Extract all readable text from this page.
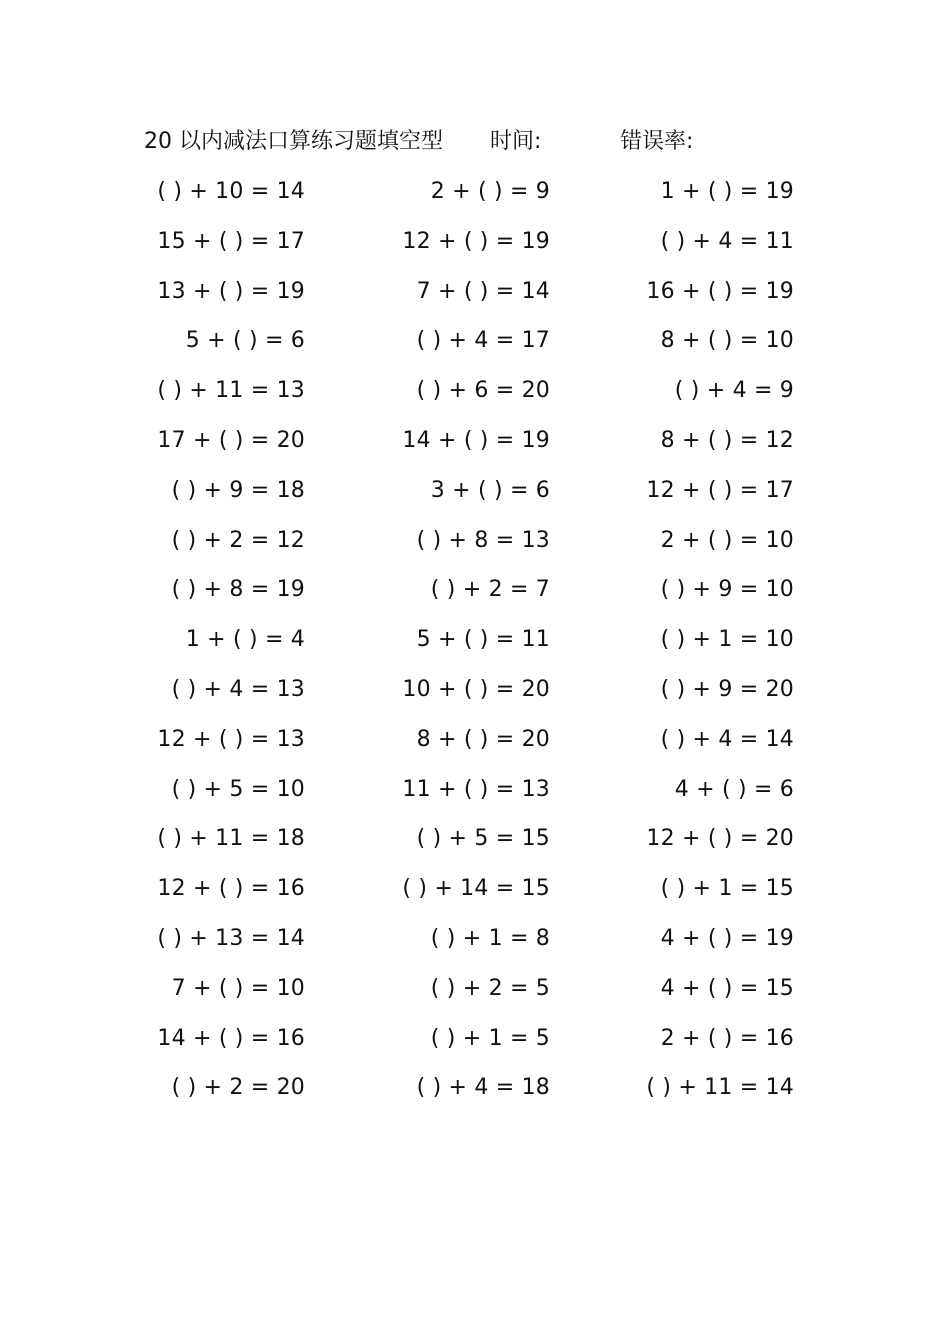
20 以内减法口算练习题填空型 时间:	错误率:
( ) + 10 = 14	2 + ( ) = 9	1 + ( ) = 19
15 + ( ) = 17	12 + ( ) = 19	( ) + 4 = 11
13 + ( ) = 19	7 + ( ) = 14	16 + ( ) = 19
5 + ( ) = 6	( ) + 4 = 17	8 + ( ) = 10
( ) + 11 = 13	( ) + 6 = 20	( ) + 4 = 9
17 + ( ) = 20	14 + ( ) = 19	8 + ( ) = 12
( ) + 9 = 18	3 + ( ) = 6	12 + ( ) = 17
( ) + 2 = 12	( ) + 8 = 13	2 + ( ) = 10
( ) + 8 = 19	( ) + 2 = 7	( ) + 9 = 10
1 + ( ) = 4	5 + ( ) = 11	( ) + 1 = 10
( ) + 4 = 13	10 + ( ) = 20	( ) + 9 = 20
12 + ( ) = 13	8 + ( ) = 20	( ) + 4 = 14
( ) + 5 = 10	11 + ( ) = 13	4 + ( ) = 6
( ) + 11 = 18	( ) + 5 = 15	12 + ( ) = 20
12 + ( ) = 16	( ) + 14 = 15	( ) + 1 = 15
( ) + 13 = 14	( ) + 1 = 8	4 + ( ) = 19
7 + ( ) = 10	( ) + 2 = 5	4 + ( ) = 15
14 + ( ) = 16	( ) + 1 = 5	2 + ( ) = 16
( ) + 2 = 20	( ) + 4 = 18	( ) + 11 = 14
